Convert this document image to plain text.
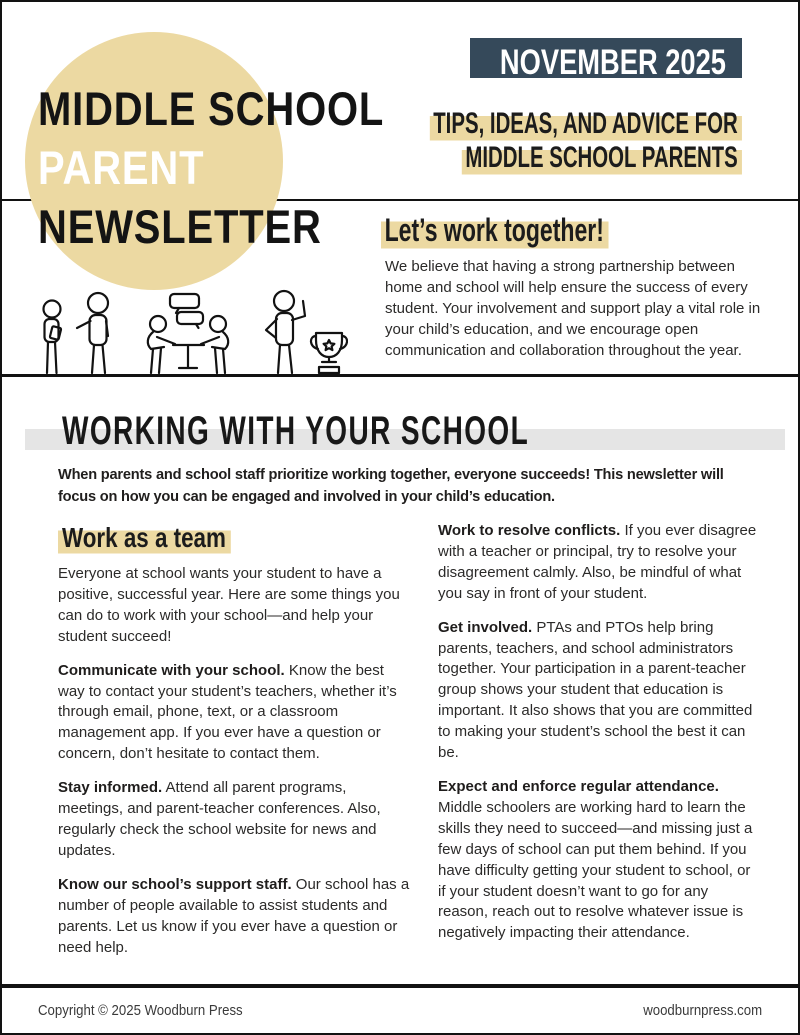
MIDDLE SCHOOL
PARENT
NEWSLETTER
NOVEMBER 2025
TIPS, IDEAS, AND ADVICE FOR
MIDDLE SCHOOL PARENTS
Let’s work together!
We believe that having a strong partnership between home and school will help ensure the success of every student. Your involvement and support play a vital role in your child’s education, and we encourage open communication and collaboration throughout the year.
WORKING WITH YOUR SCHOOL
When parents and school staff prioritize working together, everyone succeeds! This newsletter will
focus on how you can be engaged and involved in your child’s education.
Work as a team

Everyone at school wants your student to have a positive, successful year. Here are some things you can do to work with your school—and help your student succeed!

Communicate with your school. Know the best way to contact your student’s teachers, whether it’s through email, phone, text, or a classroom management app. If you ever have a question or concern, don’t hesitate to contact them.

Stay informed. Attend all parent programs, meetings, and parent-teacher conferences. Also, regularly check the school website for news and updates.

Know our school’s support staff. Our school has a number of people available to assist students and parents. Let us know if you ever have a question or need help.

Work to resolve conflicts. If you ever disagree with a teacher or principal, try to resolve your disagreement calmly. Also, be mindful of what you say in front of your student.

Get involved. PTAs and PTOs help bring parents, teachers, and school administrators together. Your participation in a parent-teacher group shows your student that education is important. It also shows that you are committed to making your student’s school the best it can be.

Expect and enforce regular attendance. Middle schoolers are working hard to learn the skills they need to succeed—and missing just a few days of school can put them behind. If you have difficulty getting your student to school, or if your student doesn’t want to go for any reason, reach out to resolve whatever issue is negatively impacting their attendance.

Copyright © 2025 Woodburn Press	woodburnpress.com
